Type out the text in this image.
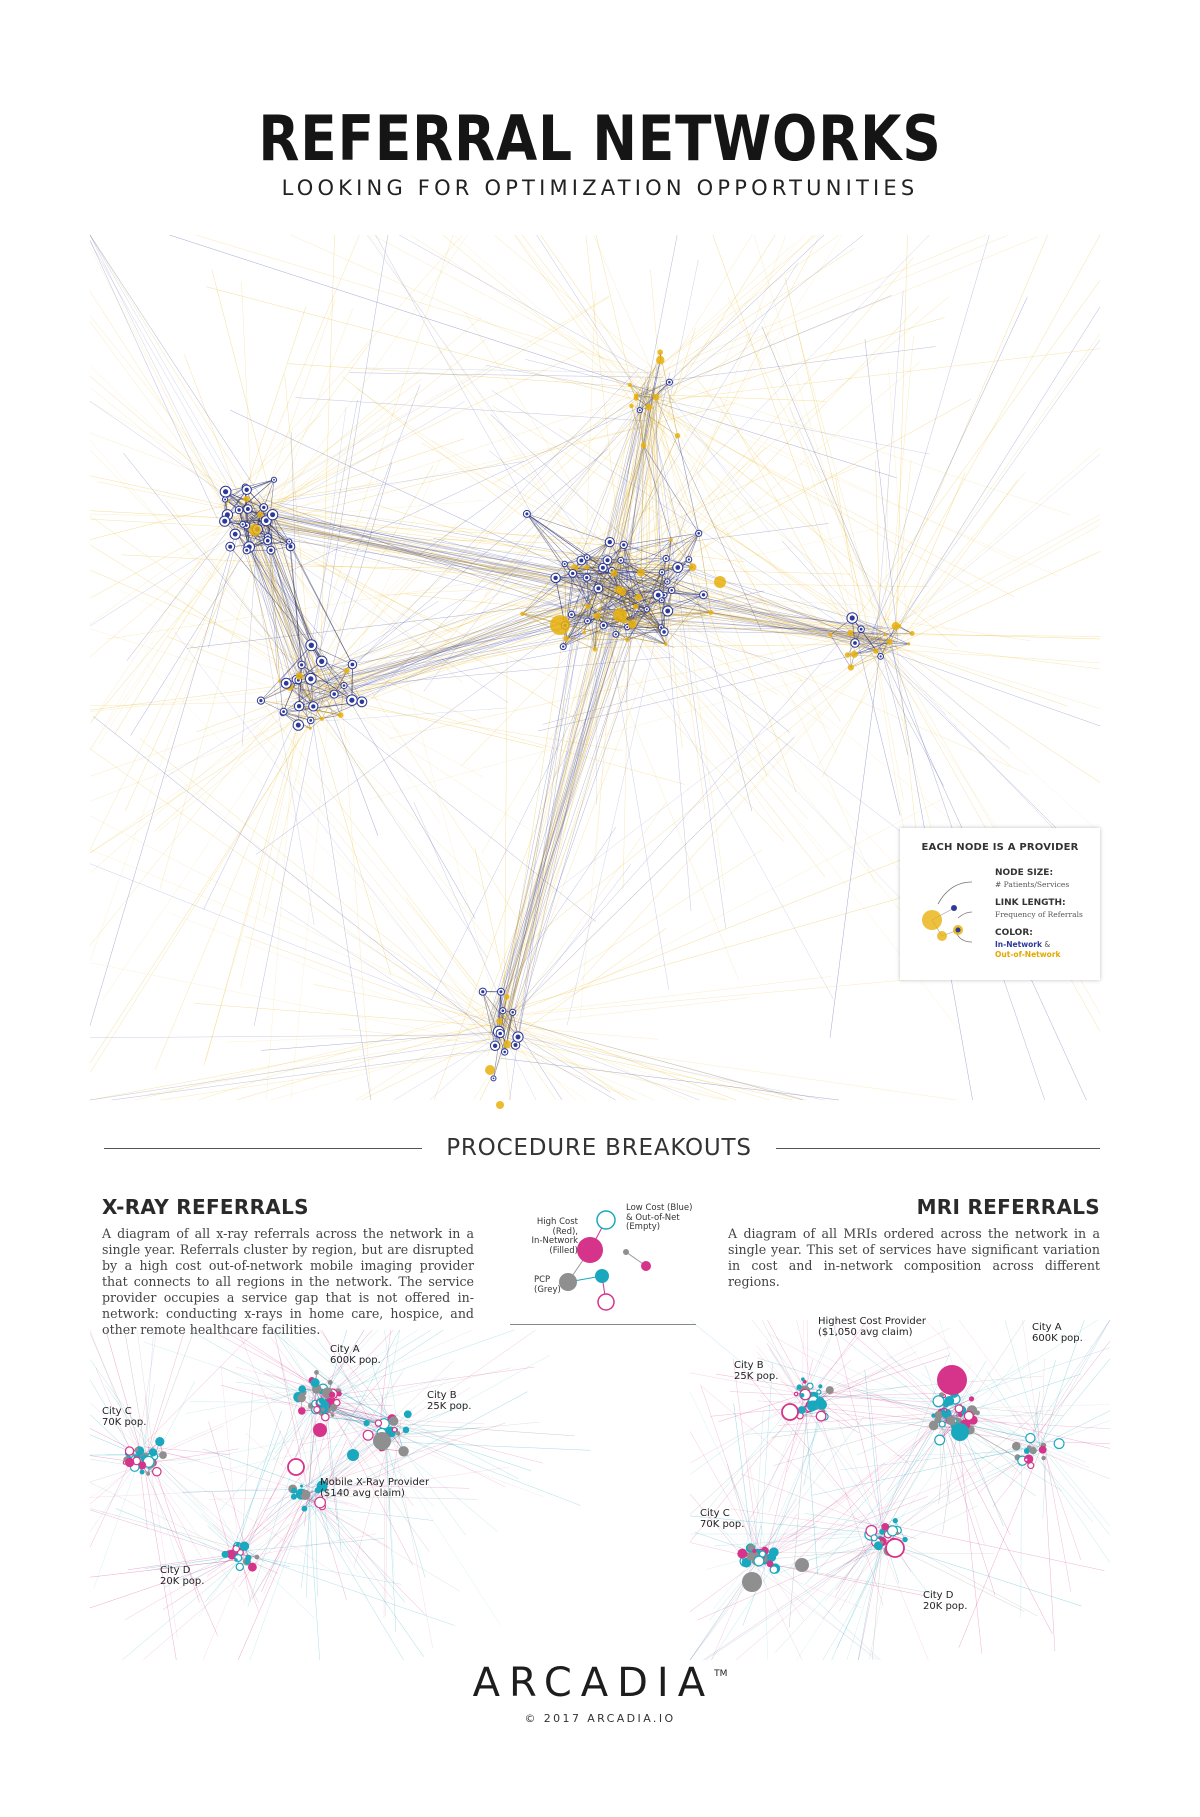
REFERRAL NETWORKS
LOOKING FOR OPTIMIZATION OPPORTUNITIES
EACH NODE IS A PROVIDER
NODE SIZE:
# Patients/Services
LINK LENGTH:
Frequency of Referrals
COLOR:
In-Network &
Out-of-Network
PROCEDURE BREAKOUTS
X-RAY REFERRALS

A diagram of all x-ray referrals across the network in a single year. Referrals cluster by region, but are disrupted by a high cost out-of-network mobile imaging provider that connects to all regions in the network. The service provider occupies a service gap that is not offered in-network: conducting x-rays in home care, hospice, and other remote healthcare facilities.

City A
600K pop.
City B
25K pop.
City C
70K pop.
City D
20K pop.
Mobile X-Ray Provider
($140 avg claim)
High Cost (Red),
In-Network
(Filled)
Low Cost (Blue)
& Out-of-Net
(Empty)
PCP
(Grey)
MRI REFERRALS

A diagram of all MRIs ordered across the network in a single year. This set of services have significant variation in cost and in-network composition across different regions.

Highest Cost Provider
($1,050 avg claim)	City A
600K pop.
City B
25K pop.
City C
70K pop.
City D
20K pop.
ARCADIA™
© 2017 ARCADIA.IO
